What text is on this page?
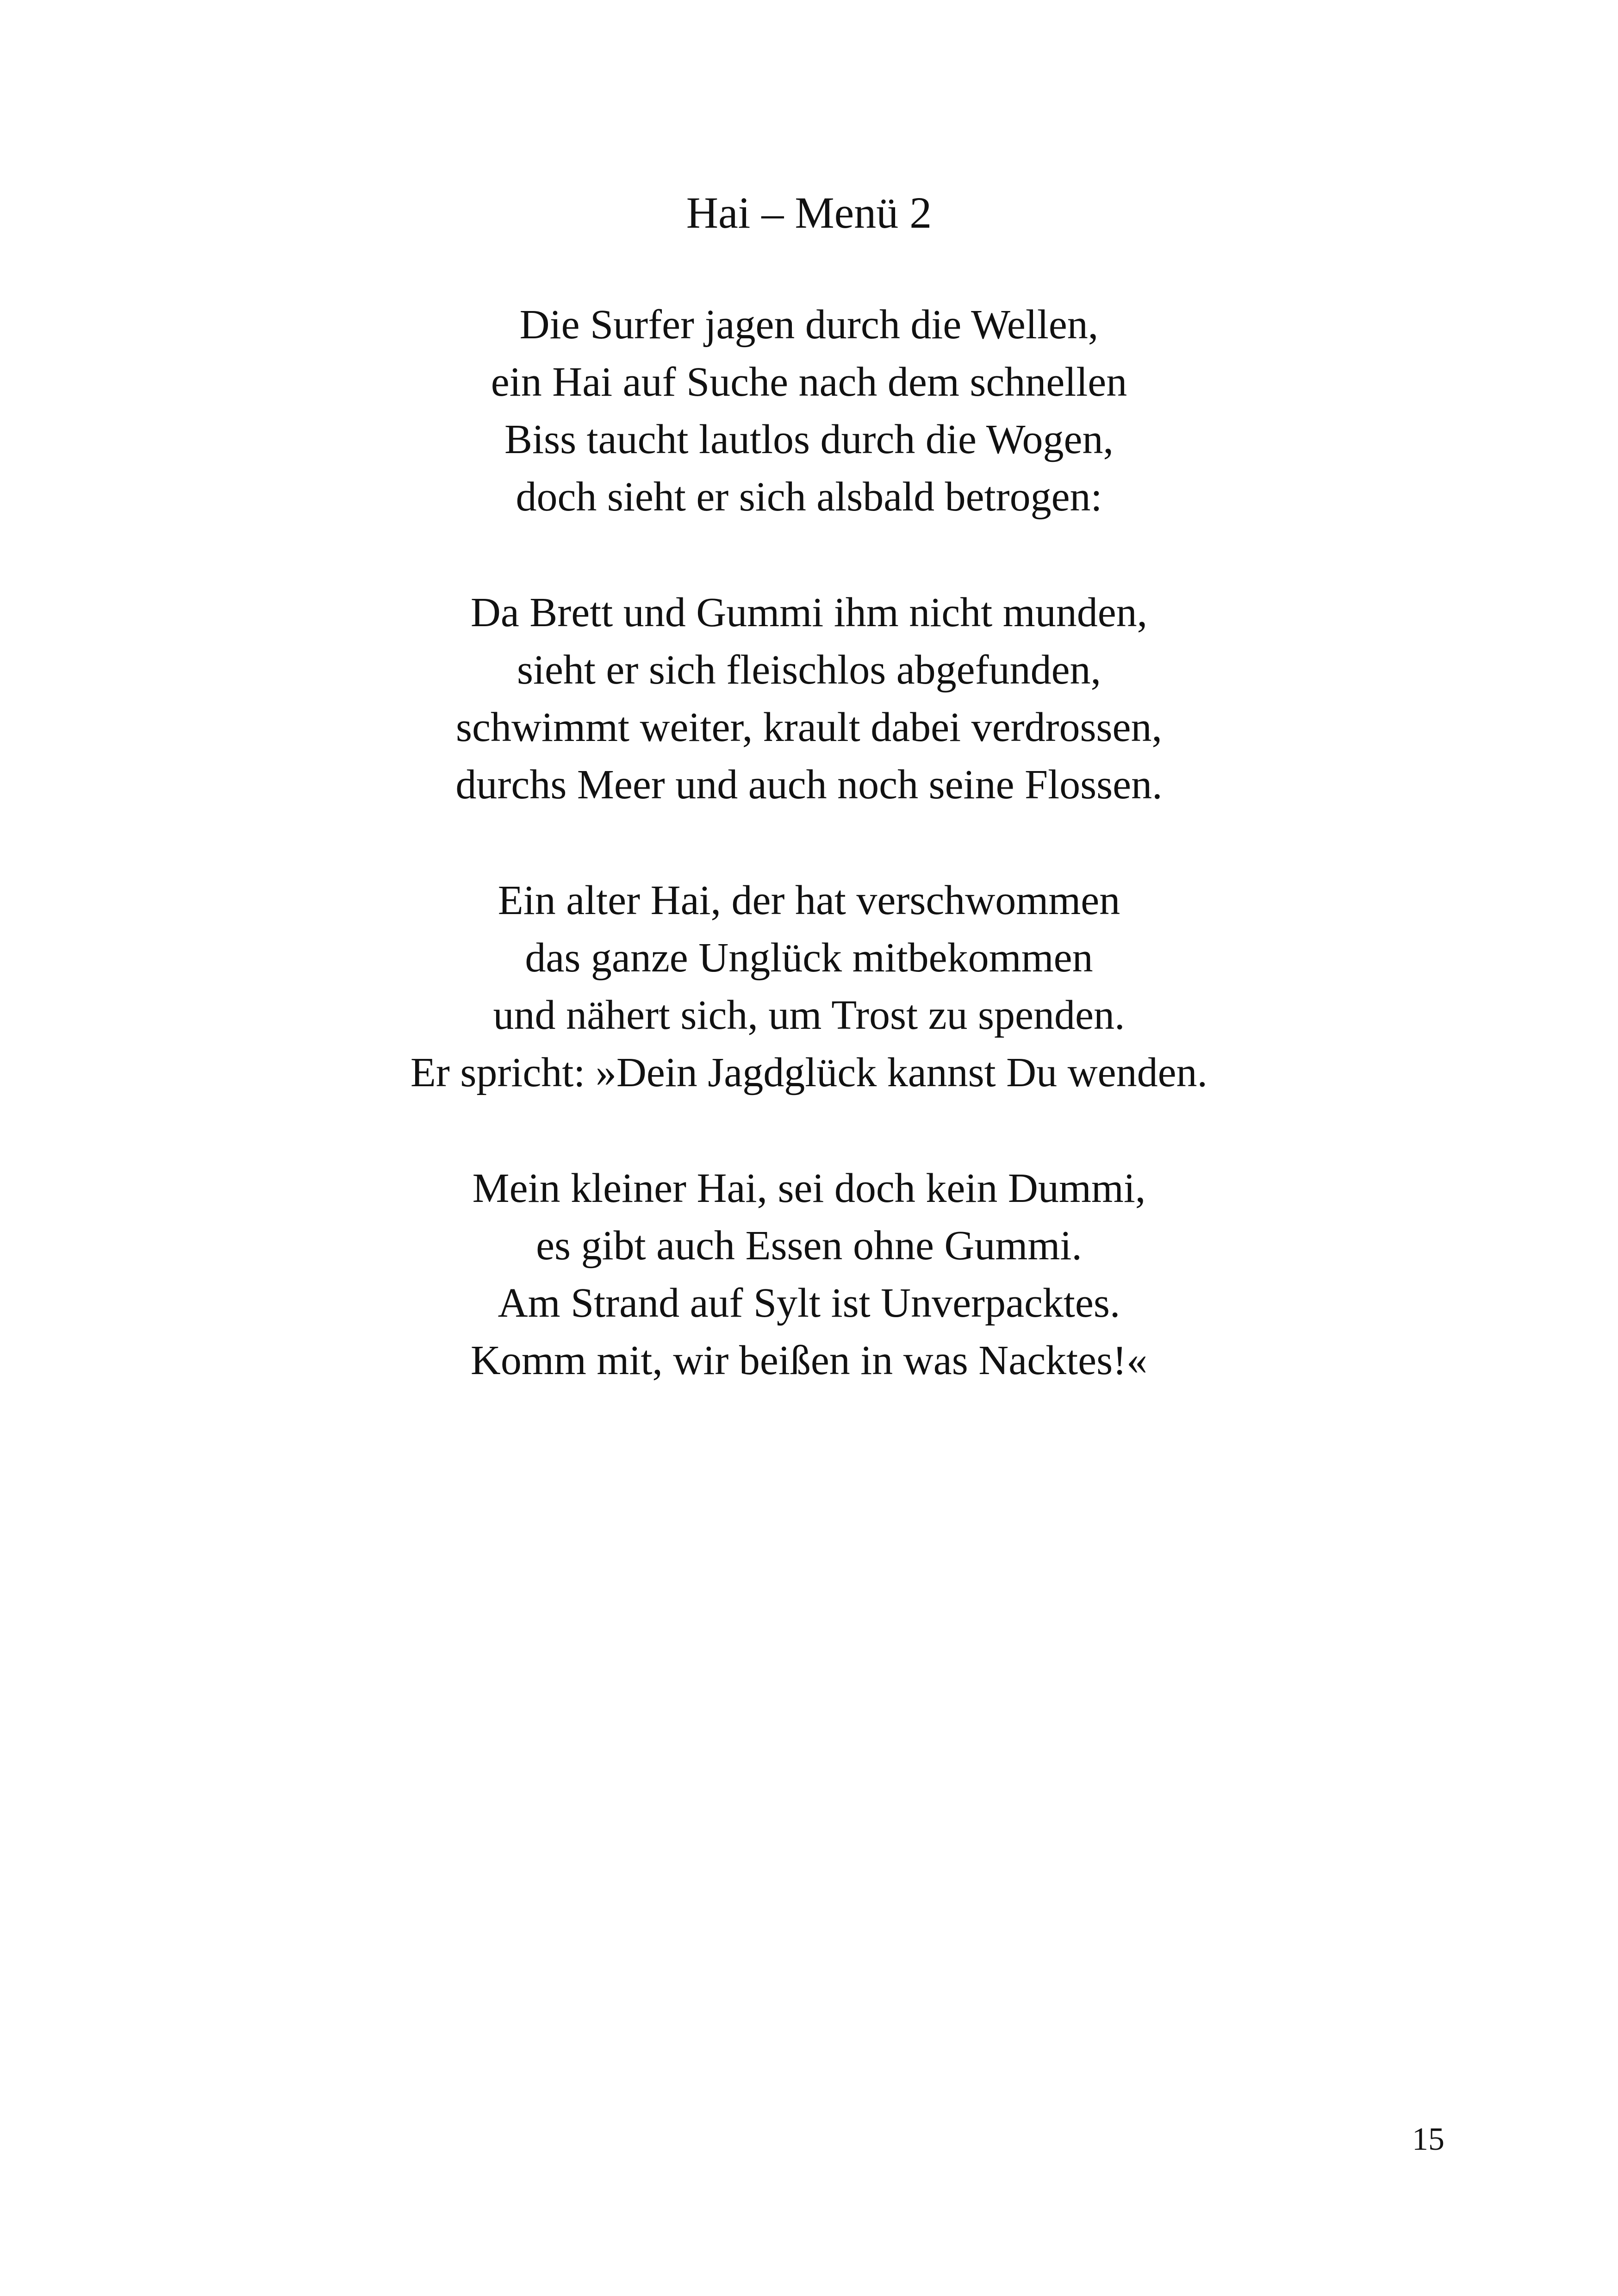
Hai – Menü 2
Die Surfer jagen durch die Wellen,
ein Hai auf Suche nach dem schnellen
Biss taucht lautlos durch die Wogen,
doch sieht er sich alsbald betrogen:
Da Brett und Gummi ihm nicht munden,
sieht er sich fleischlos abgefunden,
schwimmt weiter, krault dabei verdrossen,
durchs Meer und auch noch seine Flossen.
Ein alter Hai, der hat verschwommen
das ganze Unglück mitbekommen
und nähert sich, um Trost zu spenden.
Er spricht: »Dein Jagdglück kannst Du wenden.
Mein kleiner Hai, sei doch kein Dummi,
es gibt auch Essen ohne Gummi.
Am Strand auf Sylt ist Unverpacktes.
Komm mit, wir beißen in was Nacktes!«
15
